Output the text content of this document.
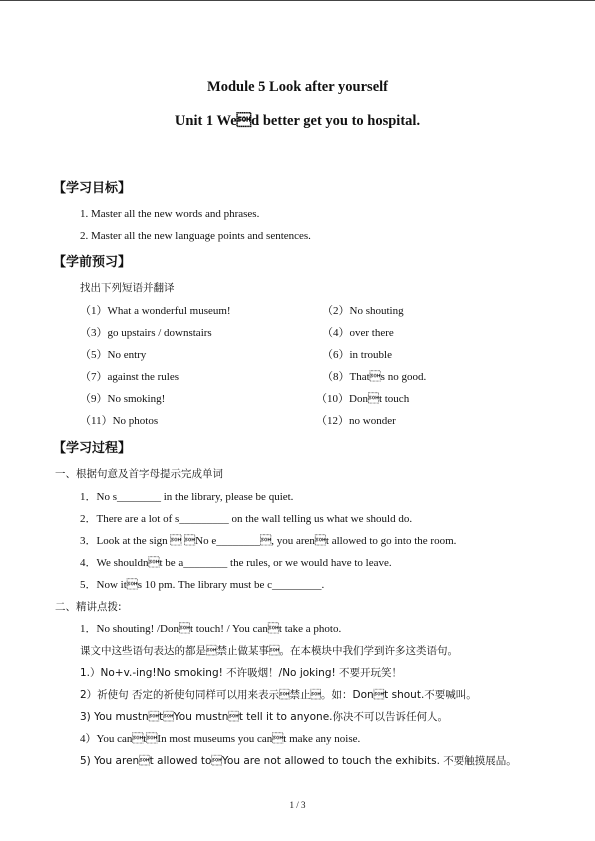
Module 5 Look after yourself
Unit 1 Wed better get you to hospital.
【学习目标】
1. Master all the new words and phrases.
2. Master all the new language points and sentences.
【学前预习】
找出下列短语并翻译
（1）What a wonderful museum!
（3）go upstairs / downstairs
（5）No entry
（7）against the rules
（9）No smoking!
（11）No photos
（2）No shouting
（4）over there
（6）in trouble
（8）Thats no good.
（10）Dont touch
（12）no wonder
【学习过程】
一、根据句意及首字母提示完成单词
1．No s________ in the library, please be quiet.
2．There are a lot of s_________ on the wall telling us what we should do.
3．Look at the sign  No e________, you arent allowed to go into the room.
4．We shouldnt be a________ the rules, or we would have to leave.
5．Now its 10 pm. The library must be c_________.
二、精讲点拨:
1．No shouting! /Dont touch! / You cant take a photo.
课文中这些语句表达的都是禁止做某事。在本模块中我们学到许多这类语句。
1.）No+v.-ing!No smoking! 不许吸烟！/No joking! 不要开玩笑！
2）祈使句 否定的祈使句同样可以用来表示禁止。如：Dont shout.不要喊叫。
3) You mustntYou mustnt tell it to anyone.你决不可以告诉任何人。
4）You cantIn most museums you cant make any noise.
5) You arent allowed toYou are not allowed to touch the exhibits. 不要触摸展品。
1 / 3
